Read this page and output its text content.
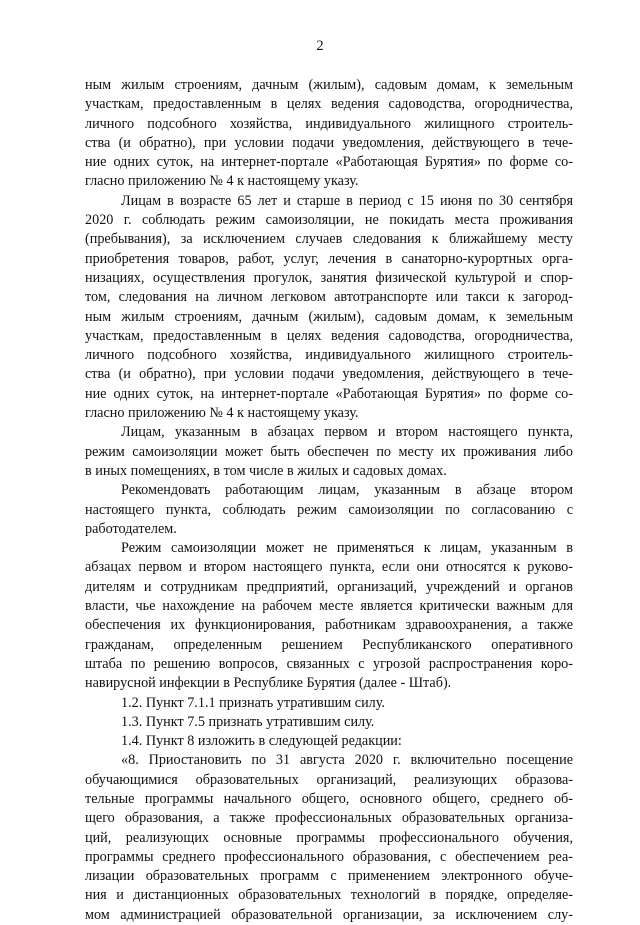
2
ным жилым строениям, дачным (жилым), садовым домам, к земельным
участкам, предоставленным в целях ведения садоводства, огородничества,
личного подсобного хозяйства, индивидуального жилищного строитель-
ства (и обратно), при условии подачи уведомления, действующего в тече-
ние одних суток, на интернет-портале «Работающая Бурятия» по форме со-
гласно приложению № 4 к настоящему указу.
Лицам в возрасте 65 лет и старше в период с 15 июня по 30 сентября
2020 г. соблюдать режим самоизоляции, не покидать места проживания
(пребывания), за исключением случаев следования к ближайшему месту
приобретения товаров, работ, услуг, лечения в санаторно-курортных орга-
низациях, осуществления прогулок, занятия физической культурой и спор-
том, следования на личном легковом автотранспорте или такси к загород-
ным жилым строениям, дачным (жилым), садовым домам, к земельным
участкам, предоставленным в целях ведения садоводства, огородничества,
личного подсобного хозяйства, индивидуального жилищного строитель-
ства (и обратно), при условии подачи уведомления, действующего в тече-
ние одних суток, на интернет-портале «Работающая Бурятия» по форме со-
гласно приложению № 4 к настоящему указу.
Лицам, указанным в абзацах первом и втором настоящего пункта,
режим самоизоляции может быть обеспечен по месту их проживания либо
в иных помещениях, в том числе в жилых и садовых домах.
Рекомендовать работающим лицам, указанным в абзаце втором
настоящего пункта, соблюдать режим самоизоляции по согласованию с
работодателем.
Режим самоизоляции может не применяться к лицам, указанным в
абзацах первом и втором настоящего пункта, если они относятся к руково-
дителям и сотрудникам предприятий, организаций, учреждений и органов
власти, чье нахождение на рабочем месте является критически важным для
обеспечения их функционирования, работникам здравоохранения, а также
гражданам, определенным решением Республиканского оперативного
штаба по решению вопросов, связанных с угрозой распространения коро-
навирусной инфекции в Республике Бурятия (далее - Штаб).
1.2. Пункт 7.1.1 признать утратившим силу.
1.3. Пункт 7.5 признать утратившим силу.
1.4. Пункт 8 изложить в следующей редакции:
«8. Приостановить по 31 августа 2020 г. включительно посещение
обучающимися образовательных организаций, реализующих образова-
тельные программы начального общего, основного общего, среднего об-
щего образования, а также профессиональных образовательных организа-
ций, реализующих основные программы профессионального обучения,
программы среднего профессионального образования, с обеспечением реа-
лизации образовательных программ с применением электронного обуче-
ния и дистанционных образовательных технологий в порядке, определяе-
мом администрацией образовательной организации, за исключением слу-
